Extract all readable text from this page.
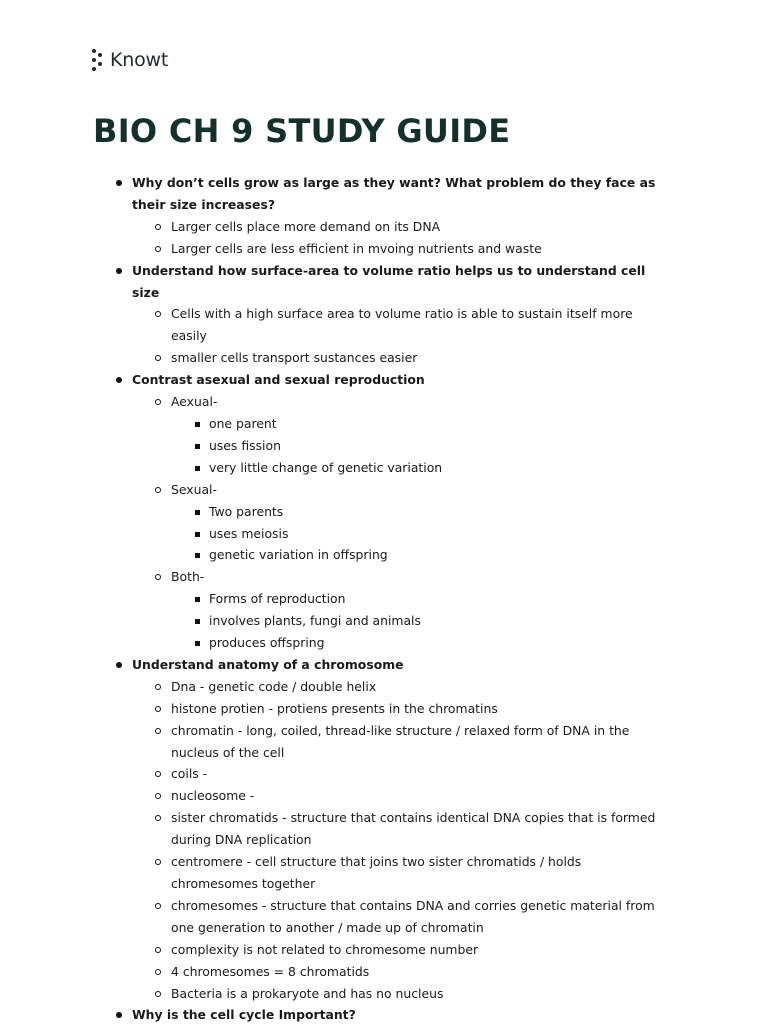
Knowt
BIO CH 9 STUDY GUIDE
Why don’t cells grow as large as they want? What problem do they face as their size increases?
Larger cells place more demand on its DNA
Larger cells are less efficient in mvoing nutrients and waste
Understand how surface-area to volume ratio helps us to understand cell size
Cells with a high surface area to volume ratio is able to sustain itself more easily
smaller cells transport sustances easier
Contrast asexual and sexual reproduction
Aexual-
one parent
uses fission
very little change of genetic variation
Sexual-
Two parents
uses meiosis
genetic variation in offspring
Both-
Forms of reproduction
involves plants, fungi and animals
produces offspring
Understand anatomy of a chromosome
Dna - genetic code / double helix
histone protien - protiens presents in the chromatins
chromatin - long, coiled, thread-like structure / relaxed form of DNA in the nucleus of the cell
coils -
nucleosome -
sister chromatids - structure that contains identical DNA copies that is formed during DNA replication
centromere - cell structure that joins two sister chromatids / holds chromesomes together
chromesomes - structure that contains DNA and corries genetic material from one generation to another / made up of chromatin
complexity is not related to chromesome number
4 chromesomes = 8 chromatids
Bacteria is a prokaryote and has no nucleus
Why is the cell cycle Important?
